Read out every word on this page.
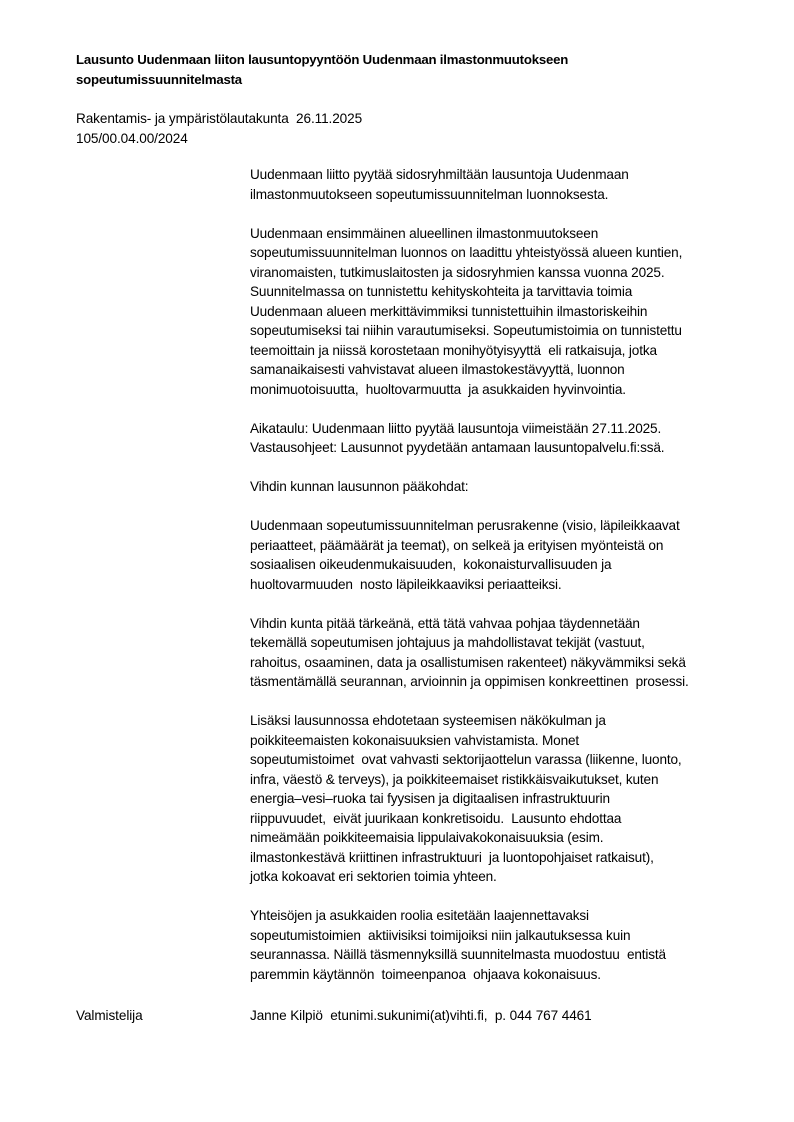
Lausunto Uudenmaan liiton lausuntopyyntöön Uudenmaan ilmastonmuutokseen
sopeutumissuunnitelmasta
Rakentamis- ja ympäristölautakunta  26.11.2025
105/00.04.00/2024

Uudenmaan liitto pyytää sidosryhmiltään lausuntoja Uudenmaan
ilmastonmuutokseen sopeutumissuunnitelman luonnoksesta.

Uudenmaan ensimmäinen alueellinen ilmastonmuutokseen
sopeutumissuunnitelman luonnos on laadittu yhteistyössä alueen kuntien,
viranomaisten, tutkimuslaitosten ja sidosryhmien kanssa vuonna 2025.
Suunnitelmassa on tunnistettu kehityskohteita ja tarvittavia toimia
Uudenmaan alueen merkittävimmiksi tunnistettuihin ilmastoriskeihin
sopeutumiseksi tai niihin varautumiseksi. Sopeutumistoimia on tunnistettu
teemoittain ja niissä korostetaan monihyötyisyyttä  eli ratkaisuja, jotka
samanaikaisesti vahvistavat alueen ilmastokestävyyttä, luonnon
monimuotoisuutta,  huoltovarmuutta  ja asukkaiden hyvinvointia.

Aikataulu: Uudenmaan liitto pyytää lausuntoja viimeistään 27.11.2025.
Vastausohjeet: Lausunnot pyydetään antamaan lausuntopalvelu.fi:ssä.

Vihdin kunnan lausunnon pääkohdat:

Uudenmaan sopeutumissuunnitelman perusrakenne (visio, läpileikkaavat
periaatteet, päämäärät ja teemat), on selkeä ja erityisen myönteistä on
sosiaalisen oikeudenmukaisuuden,  kokonaisturvallisuuden ja
huoltovarmuuden  nosto läpileikkaaviksi periaatteiksi.

Vihdin kunta pitää tärkeänä, että tätä vahvaa pohjaa täydennetään
tekemällä sopeutumisen johtajuus ja mahdollistavat tekijät (vastuut,
rahoitus, osaaminen, data ja osallistumisen rakenteet) näkyvämmiksi sekä
täsmentämällä seurannan, arvioinnin ja oppimisen konkreettinen  prosessi.

Lisäksi lausunnossa ehdotetaan systeemisen näkökulman ja
poikkiteemaisten kokonaisuuksien vahvistamista. Monet
sopeutumistoimet  ovat vahvasti sektorijaottelun varassa (liikenne, luonto,
infra, väestö & terveys), ja poikkiteemaiset ristikkäisvaikutukset, kuten
energia–vesi–ruoka tai fyysisen ja digitaalisen infrastruktuurin
riippuvuudet,  eivät juurikaan konkretisoidu.  Lausunto ehdottaa
nimeämään poikkiteemaisia lippulaivakokonaisuuksia (esim.
ilmastonkestävä kriittinen infrastruktuuri  ja luontopohjaiset ratkaisut),
jotka kokoavat eri sektorien toimia yhteen.

Yhteisöjen ja asukkaiden roolia esitetään laajennettavaksi
sopeutumistoimien  aktiivisiksi toimijoiksi niin jalkautuksessa kuin
seurannassa. Näillä täsmennyksillä suunnitelmasta muodostuu  entistä
paremmin käytännön  toimeenpanoa  ohjaava kokonaisuus.

Valmistelija	Janne Kilpiö  etunimi.sukunimi(at)vihti.fi,  p. 044 767 4461
